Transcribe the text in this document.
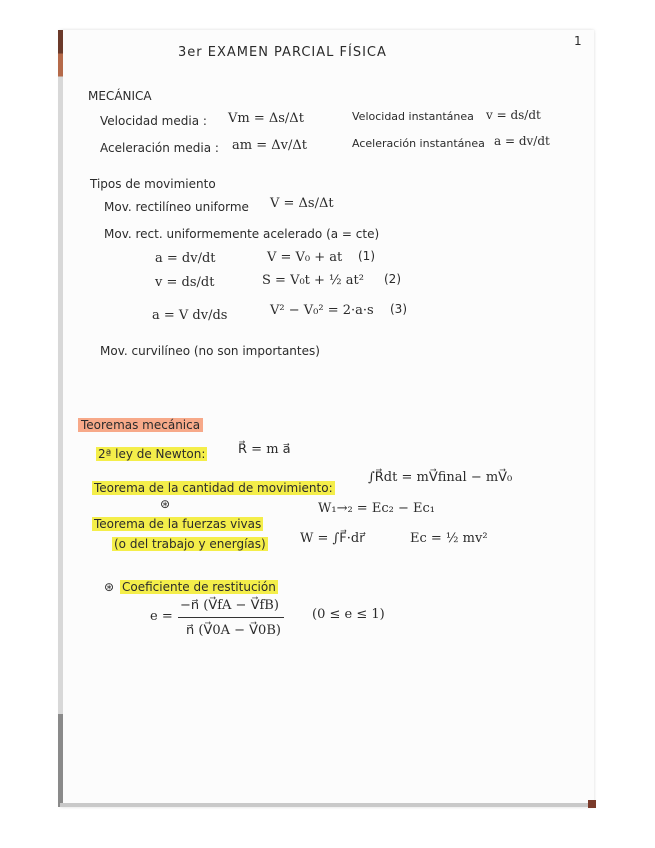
1
3er EXAMEN PARCIAL FÍSICA
MECÁNICA
Velocidad media : Vm = Δs/Δt	Velocidad instantánea v = ds/dt
Aceleración media : am = Δv/Δt	Aceleración instantánea a = dv/dt
Tipos de movimiento
Mov. rectilíneo uniforme V = Δs/Δt
Mov. rect. uniformemente acelerado (a = cte)
a = dv/dt	V = V₀ + at (1)
v = ds/dt	S = V₀t + ½ at² (2)
a = V dv/ds	V² − V₀² = 2·a·s (3)
Mov. curvilíneo (no son importantes)
Teoremas mecánica
2ª ley de Newton:	R⃗ = m a⃗
Teorema de la cantidad de movimiento:
∫R⃗dt = mV⃗final − mV⃗₀
⊛
Teorema de la fuerzas vivas
(o del trabajo y energías)
W₁→₂ = Ec₂ − Ec₁
W = ∫F⃗·dr⃗	Ec = ½ mv²
⊛ Coeficiente de restitución
e =
−n⃗ (V⃗fA − V⃗fB)
n⃗ (V⃗0A − V⃗0B)
(0 ≤ e ≤ 1)
